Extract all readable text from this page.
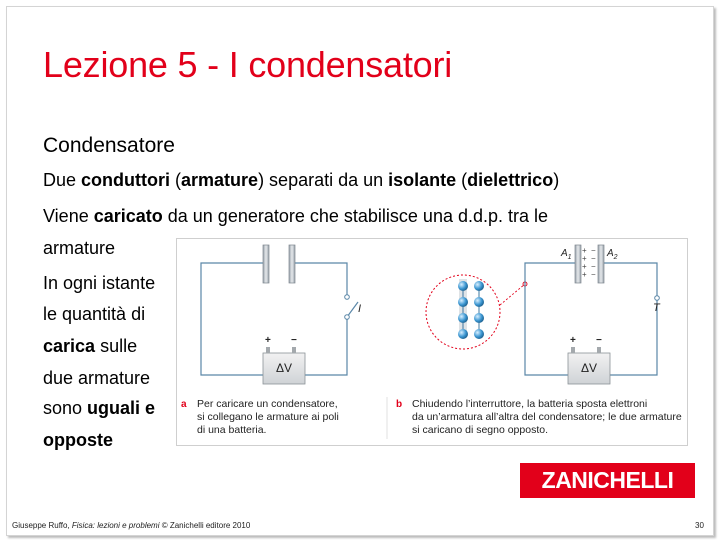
Lezione 5 - I condensatori
Condensatore
Due conduttori (armature) separati da un isolante (dielettrico)
Viene caricato da un generatore che stabilisce una d.d.p. tra le
armature
In ogni istante
le quantità di
carica sulle
due armature
sono uguali e
opposte
I
+ −
ΔV
T
+ −
ΔV
$A_1$	$A_2$
+
+
+
+
−
−
−
−
a Per caricare un condensatore,
si collegano le armature ai poli
di una batteria.
b Chiudendo l’interruttore, la batteria sposta elettroni
da un’armatura all’altra del condensatore; le due armature
si caricano di segno opposto.
ZANICHELLI
Giuseppe Ruffo, Fisica: lezioni e problemi © Zanichelli editore 2010	30
